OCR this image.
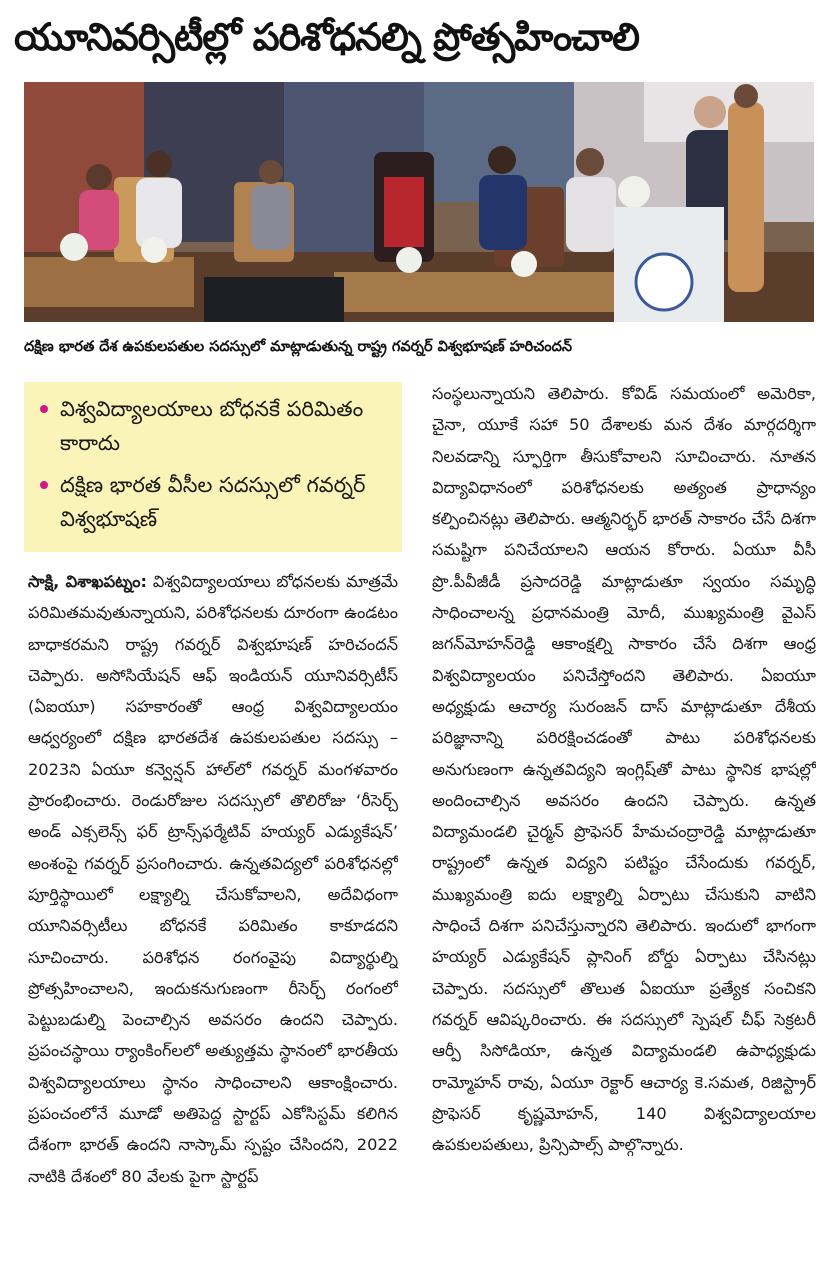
యూనివర్సిటీల్లో పరిశోధనల్ని ప్రోత్సహించాలి
దక్షిణ భారత దేశ ఉపకులపతుల సదస్సులో మాట్లాడుతున్న రాష్ట్ర గవర్నర్ విశ్వభూషణ్ హరిచందన్
విశ్వవిద్యాలయాలు బోధనకే పరిమితం కారాదు
దక్షిణ భారత వీసీల సదస్సులో గవర్నర్ విశ్వభూషణ్
సాక్షి, విశాఖపట్నం: విశ్వవిద్యాలయాలు బోధనలకు మాత్రమే పరిమితమవుతున్నాయని, పరిశోధనలకు దూరంగా ఉండటం బాధాకరమని రాష్ట్ర గవర్నర్ విశ్వభూషణ్ హరిచందన్ చెప్పారు. అసోసియేషన్ ఆఫ్ ఇండియన్ యూనివర్సిటీస్ (ఏఐయూ) సహకారంతో ఆంధ్ర విశ్వవిద్యాలయం ఆధ్వర్యంలో దక్షిణ భారతదేశ ఉపకులపతుల సదస్సు –2023ని ఏయూ కన్వెన్షన్ హాల్‌లో గవర్నర్ మంగళవారం ప్రారంభించారు. రెండురోజుల సదస్సులో తొలిరోజు ‘రీసెర్చ్ అండ్ ఎక్సలెన్స్ ఫర్ ట్రాన్స్‌ఫర్మేటివ్ హయ్యర్ ఎడ్యుకేషన్’ అంశంపై గవర్నర్ ప్రసంగించారు. ఉన్నతవిద్యలో పరిశోధనల్లో పూర్తిస్థాయిలో లక్ష్యాల్ని చేసుకోవాలని, అదేవిధంగా యూనివర్సిటీలు బోధనకే పరిమితం కాకూడదని సూచించారు. పరిశోధన రంగంవైపు విద్యార్థుల్ని ప్రోత్సహించాలని, ఇందుకనుగుణంగా రీసెర్చ్ రంగంలో పెట్టుబడుల్ని పెంచాల్సిన అవసరం ఉందని చెప్పారు. ప్రపంచస్థాయి ర్యాంకింగ్‌లలో అత్యుత్తమ స్థానంలో భారతీయ విశ్వవిద్యాలయాలు స్థానం సాధించాలని ఆకాంక్షించారు. ప్రపంచంలోనే మూడో అతిపెద్ద స్టార్టప్ ఎకోసిస్టమ్ కలిగిన దేశంగా భారత్ ఉందని నాస్కామ్ స్పష్టం చేసిందని, 2022 నాటికి దేశంలో 80 వేలకు పైగా స్టార్టప్
సంస్థలున్నాయని తెలిపారు. కోవిడ్ సమయంలో అమెరికా, చైనా, యూకే సహా 50 దేశాలకు మన దేశం మార్గదర్శిగా నిలవడాన్ని స్ఫూర్తిగా తీసుకోవాలని సూచించారు. నూతన విద్యావిధానంలో పరిశోధనలకు అత్యంత ప్రాధాన్యం కల్పించినట్లు తెలిపారు. ఆత్మనిర్భర్ భారత్ సాకారం చేసే దిశగా సమష్టిగా పనిచేయాలని ఆయన కోరారు. ఏయూ వీసీ ప్రొ.పీవీజీడీ ప్రసాదరెడ్డి మాట్లాడుతూ స్వయం సమృద్ధి సాధించాలన్న ప్రధానమంత్రి మోదీ, ముఖ్యమంత్రి వైఎస్ జగన్‌మోహన్‌రెడ్డి ఆకాంక్షల్ని సాకారం చేసే దిశగా ఆంధ్ర విశ్వవిద్యాలయం పనిచేస్తోందని తెలిపారు. ఏఐయూ అధ్యక్షుడు ఆచార్య సురంజన్ దాస్ మాట్లాడుతూ దేశీయ పరిజ్ఞానాన్ని పరిరక్షించడంతో పాటు పరిశోధనలకు అనుగుణంగా ఉన్నతవిద్యని ఇంగ్లిష్‌తో పాటు స్థానిక భాషల్లో అందించాల్సిన అవసరం ఉందని చెప్పారు. ఉన్నత విద్యామండలి చైర్మన్ ప్రొఫెసర్ హేమచంద్రారెడ్డి మాట్లాడుతూ రాష్ట్రంలో ఉన్నత విద్యని పటిష్టం చేసేందుకు గవర్నర్, ముఖ్యమంత్రి ఐదు లక్ష్యాల్ని ఏర్పాటు చేసుకుని వాటిని సాధించే దిశగా పనిచేస్తున్నారని తెలిపారు. ఇందులో భాగంగా హయ్యర్ ఎడ్యుకేషన్ ప్లానింగ్ బోర్డు ఏర్పాటు చేసినట్లు చెప్పారు. సదస్సులో తొలుత ఏఐయూ ప్రత్యేక సంచికని గవర్నర్ ఆవిష్కరించారు. ఈ సదస్సులో స్పెషల్ చీఫ్ సెక్రటరీ ఆర్పీ సిసోడియా, ఉన్నత విద్యామండలి ఉపాధ్యక్షుడు రామ్మోహన్ రావు, ఏయూ రెక్టార్ ఆచార్య కె.సమత, రిజిస్ట్రార్ ప్రొఫెసర్ కృష్ణమోహన్, 140 విశ్వవిద్యాలయాల ఉపకులపతులు, ప్రిన్సిపాల్స్ పాల్గొన్నారు.
